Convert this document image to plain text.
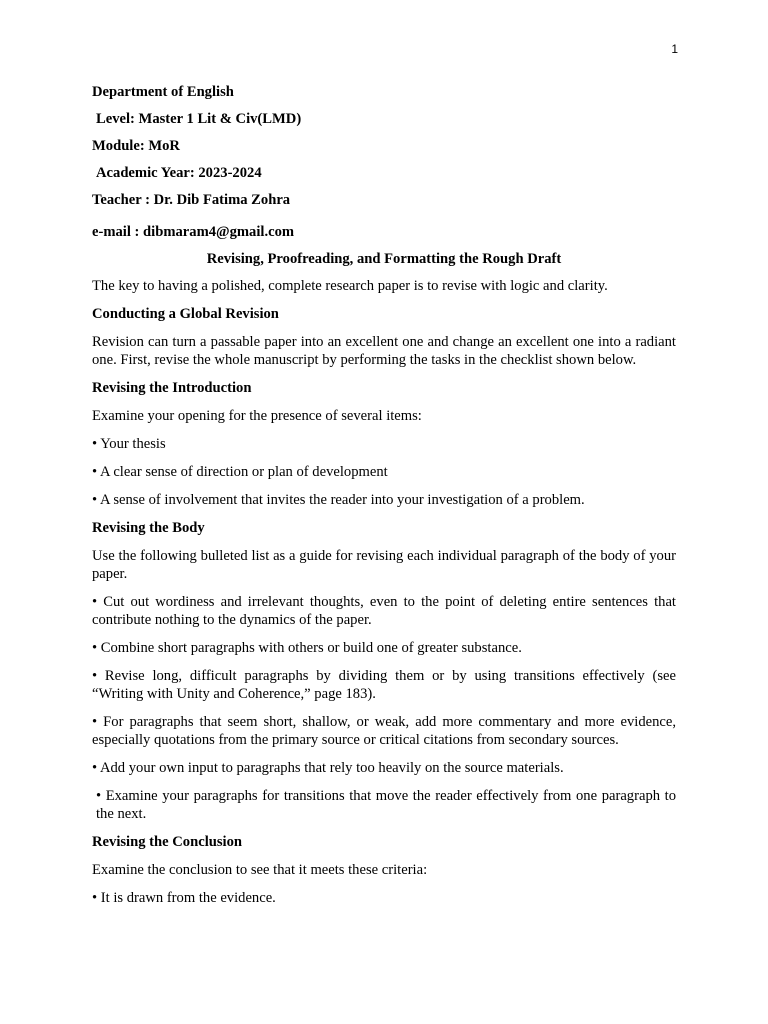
1

Department of English

Level: Master 1 Lit & Civ(LMD)

Module: MoR

Academic Year: 2023-2024

Teacher : Dr. Dib Fatima Zohra

e-mail : dibmaram4@gmail.com

Revising, Proofreading, and Formatting the Rough Draft

The key to having a polished, complete research paper is to revise with logic and clarity.

Conducting a Global Revision

Revision can turn a passable paper into an excellent one and change an excellent one into a radiant one. First, revise the whole manuscript by performing the tasks in the checklist shown below.

Revising the Introduction

Examine your opening for the presence of several items:

• Your thesis

• A clear sense of direction or plan of development

• A sense of involvement that invites the reader into your investigation of a problem.

Revising the Body

Use the following bulleted list as a guide for revising each individual paragraph of the body of your paper.

• Cut out wordiness and irrelevant thoughts, even to the point of deleting entire sentences that contribute nothing to the dynamics of the paper.

• Combine short paragraphs with others or build one of greater substance.

• Revise long, difficult paragraphs by dividing them or by using transitions effectively (see “Writing with Unity and Coherence,” page 183).

• For paragraphs that seem short, shallow, or weak, add more commentary and more evidence, especially quotations from the primary source or critical citations from secondary sources.

• Add your own input to paragraphs that rely too heavily on the source materials.

• Examine your paragraphs for transitions that move the reader effectively from one paragraph to the next.

Revising the Conclusion

Examine the conclusion to see that it meets these criteria:

• It is drawn from the evidence.
